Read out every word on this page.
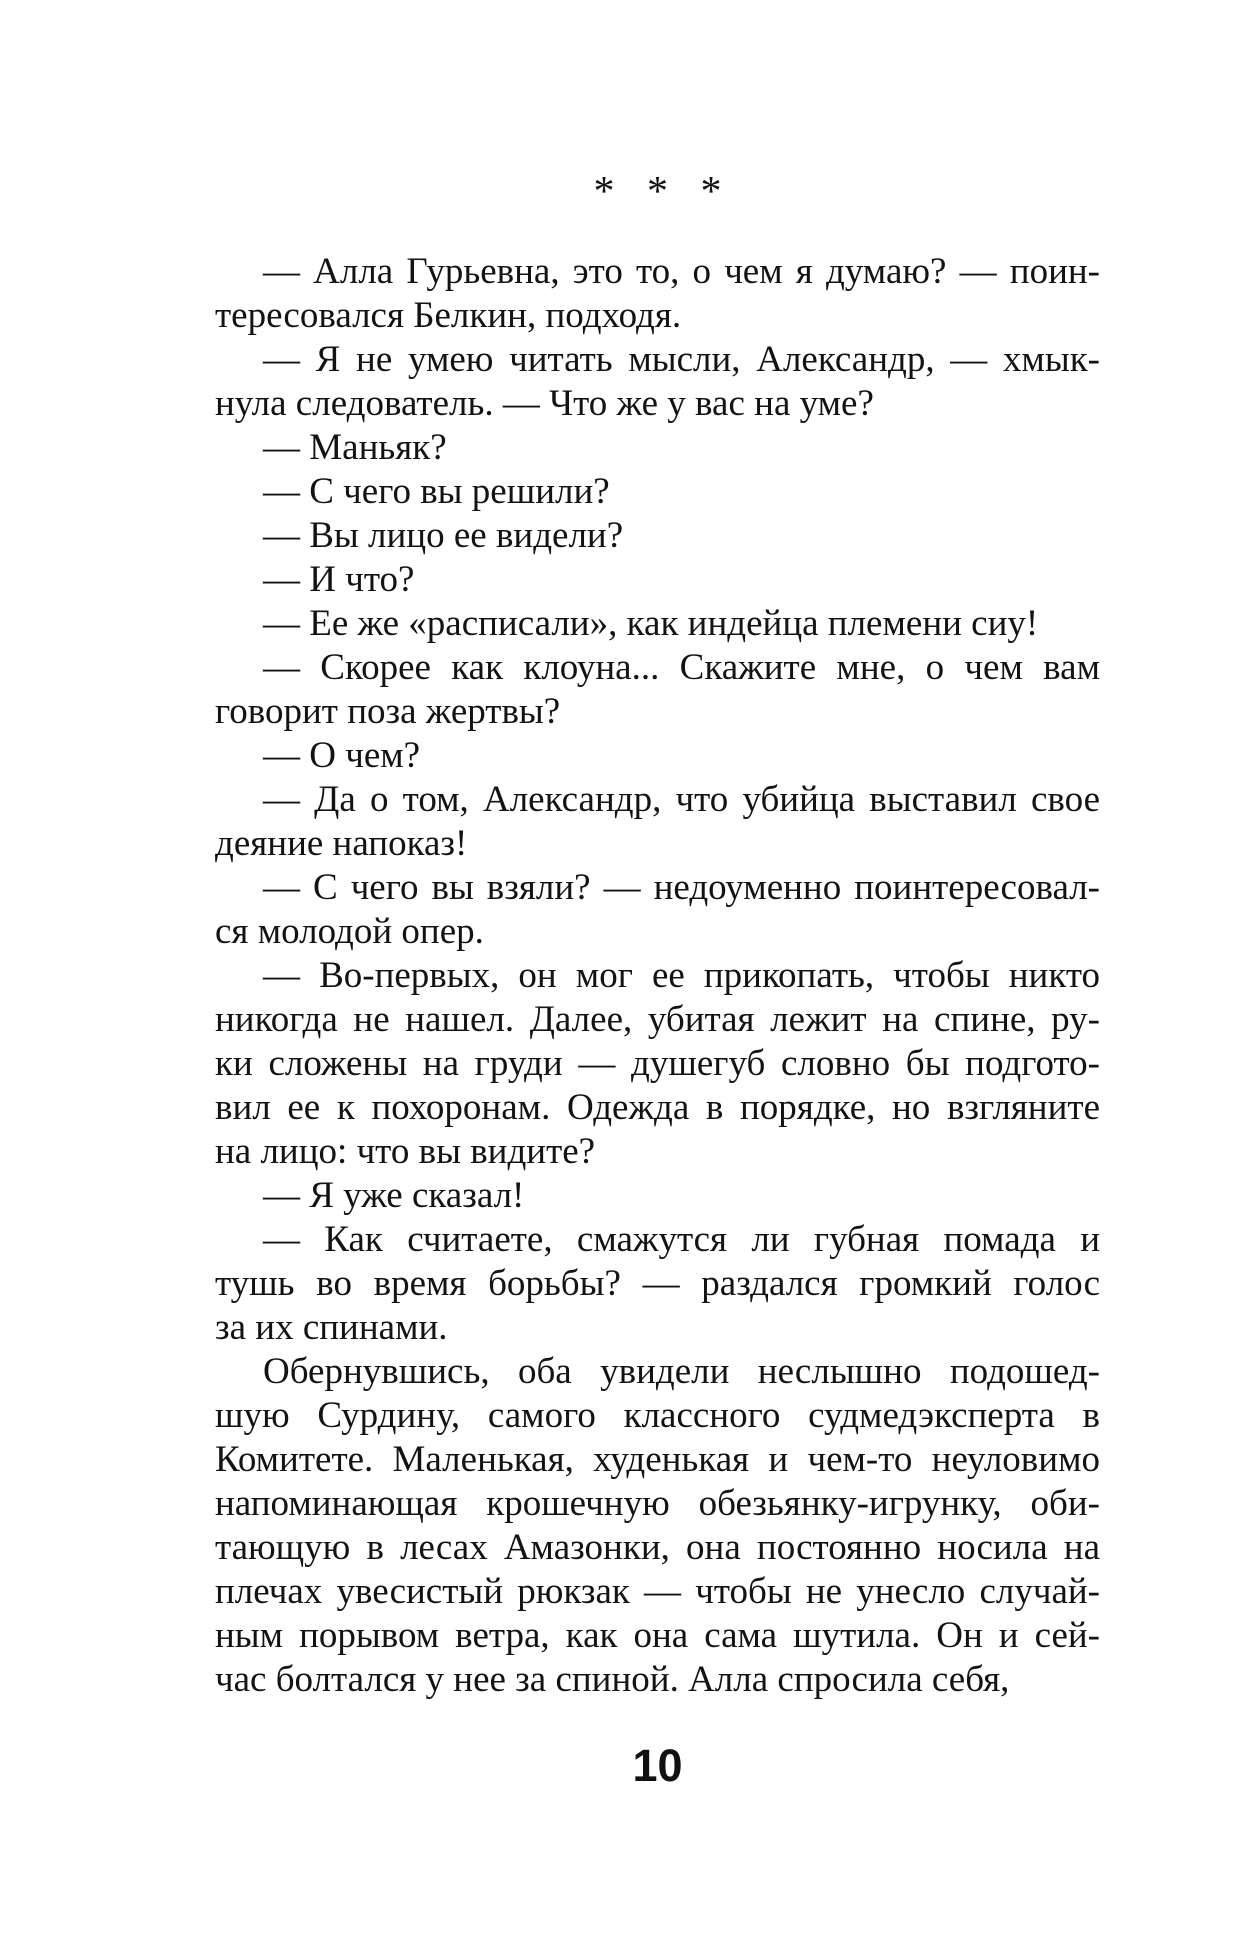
* * *

— Алла Гурьевна, это то, о чем я думаю? — поин-
тересовался Белкин, подходя.

— Я не умею читать мысли, Александр, — хмык-
нула следователь. — Что же у вас на уме?

— Маньяк?

— С чего вы решили?

— Вы лицо ее видели?

— И что?

— Ее же «расписали», как индейца племени сиу!

— Скорее как клоуна... Скажите мне, о чем вам
говорит поза жертвы?

— О чем?

— Да о том, Александр, что убийца выставил свое
деяние напоказ!

— С чего вы взяли? — недоуменно поинтересовал-
ся молодой опер.

— Во-первых, он мог ее прикопать, чтобы никто
никогда не нашел. Далее, убитая лежит на спине, ру-
ки сложены на груди — душегуб словно бы подгото-
вил ее к похоронам. Одежда в порядке, но взгляните
на лицо: что вы видите?

— Я уже сказал!

— Как считаете, смажутся ли губная помада и
тушь во время борьбы? — раздался громкий голос
за их спинами.

Обернувшись, оба увидели неслышно подошед-
шую Сурдину, самого классного судмедэксперта в
Комитете. Маленькая, худенькая и чем-то неуловимо
напоминающая крошечную обезьянку-игрунку, оби-
тающую в лесах Амазонки, она постоянно носила на
плечах увесистый рюкзак — чтобы не унесло случай-
ным порывом ветра, как она сама шутила. Он и сей-
час болтался у нее за спиной. Алла спросила себя,

10
